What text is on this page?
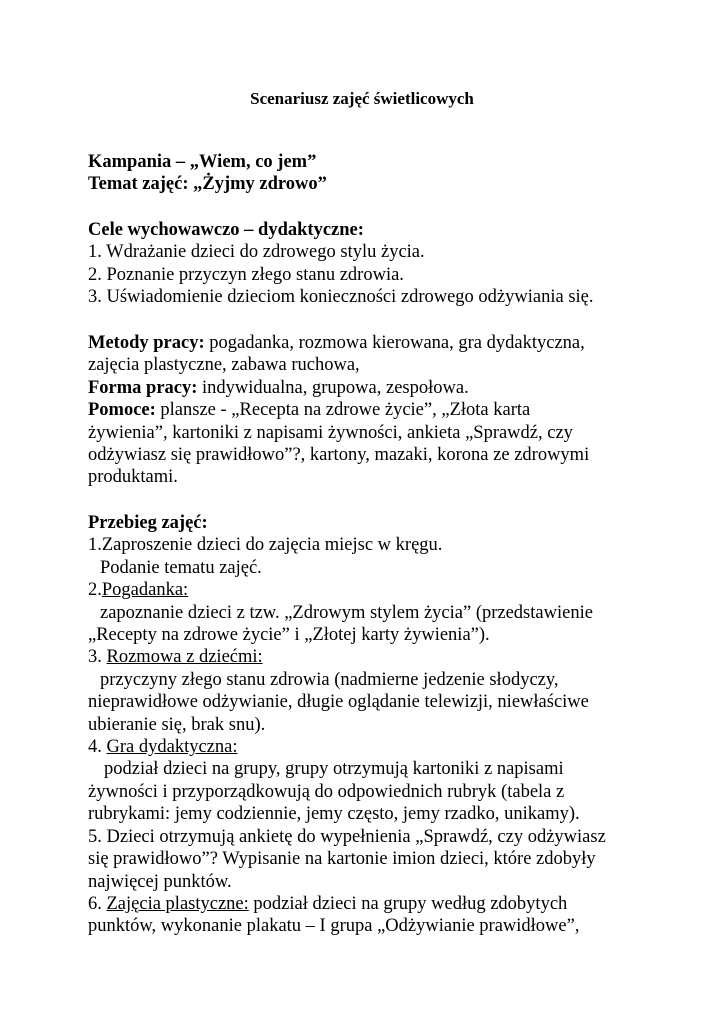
Scenariusz zajęć świetlicowych
Kampania – „Wiem, co jem”
Temat zajęć: „Żyjmy zdrowo”
Cele wychowawczo – dydaktyczne:
1. Wdrażanie dzieci do zdrowego stylu życia.
2. Poznanie przyczyn złego stanu zdrowia.
3. Uświadomienie dzieciom konieczności zdrowego odżywiania się.
Metody pracy: pogadanka, rozmowa kierowana, gra dydaktyczna,
zajęcia plastyczne, zabawa ruchowa,
Forma pracy: indywidualna, grupowa, zespołowa.
Pomoce: plansze - „Recepta na zdrowe życie”, „Złota karta
żywienia”, kartoniki z napisami żywności, ankieta „Sprawdź, czy
odżywiasz się prawidłowo”?, kartony, mazaki, korona ze zdrowymi
produktami.
Przebieg zajęć:
1.Zaproszenie dzieci do zajęcia miejsc w kręgu.
Podanie tematu zajęć.
2.Pogadanka:
zapoznanie dzieci z tzw. „Zdrowym stylem życia” (przedstawienie
„Recepty na zdrowe życie” i „Złotej karty żywienia”).
3. Rozmowa z dziećmi:
przyczyny złego stanu zdrowia (nadmierne jedzenie słodyczy,
nieprawidłowe odżywianie, długie oglądanie telewizji, niewłaściwe
ubieranie się, brak snu).
4. Gra dydaktyczna:
podział dzieci na grupy, grupy otrzymują kartoniki z napisami
żywności i przyporządkowują do odpowiednich rubryk (tabela z
rubrykami: jemy codziennie, jemy często, jemy rzadko, unikamy).
5. Dzieci otrzymują ankietę do wypełnienia „Sprawdź, czy odżywiasz
się prawidłowo”? Wypisanie na kartonie imion dzieci, które zdobyły
najwięcej punktów.
6. Zajęcia plastyczne: podział dzieci na grupy według zdobytych
punktów, wykonanie plakatu – I grupa „Odżywianie prawidłowe”,
